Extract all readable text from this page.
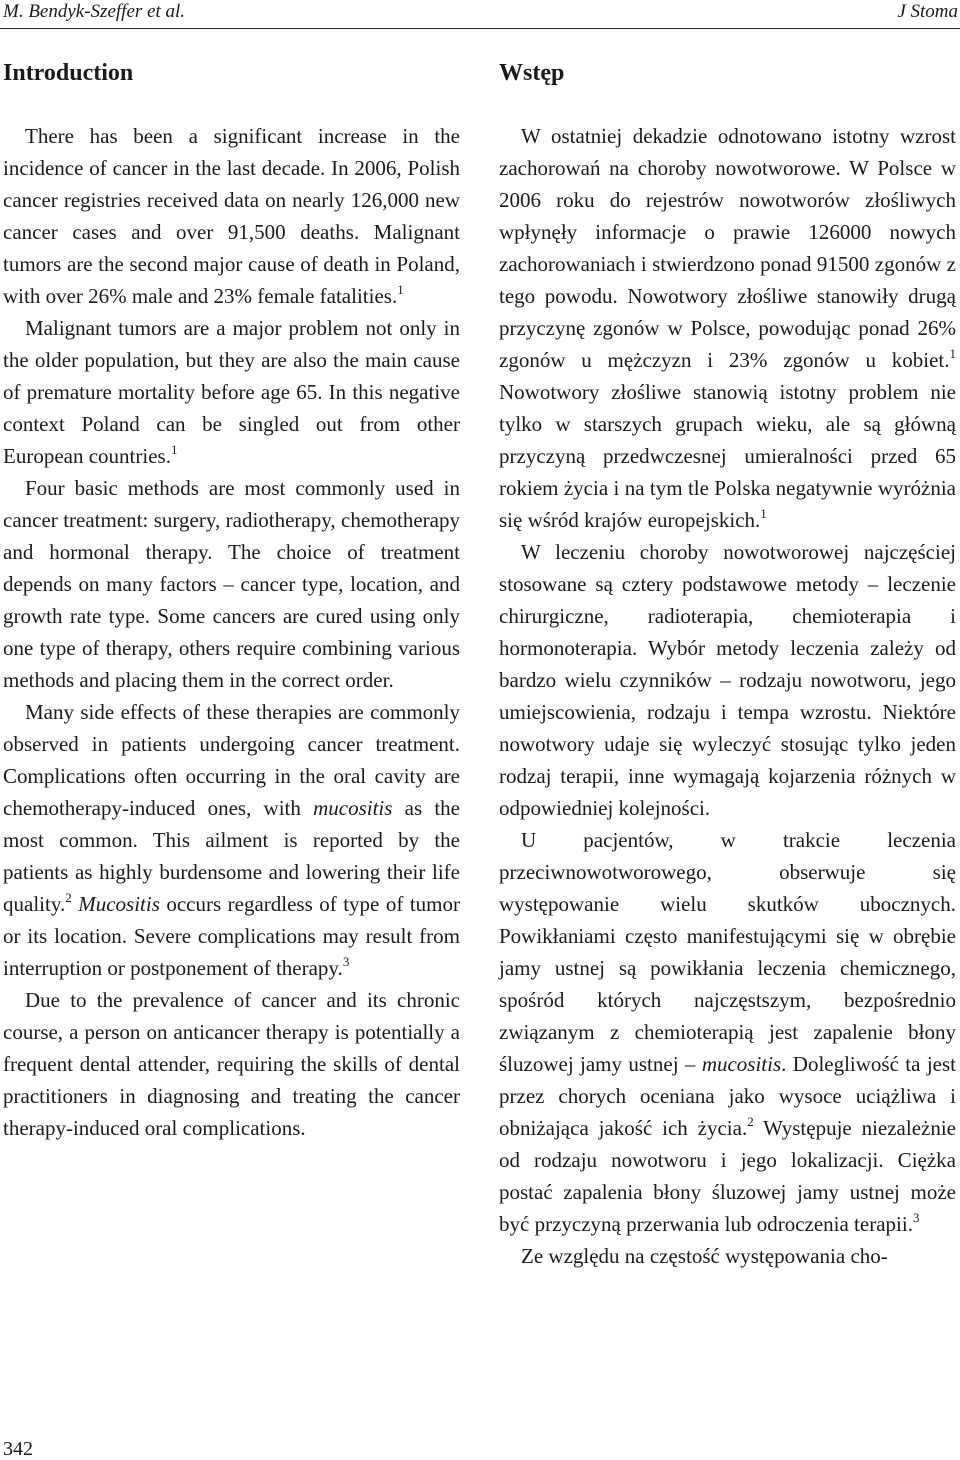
M. Bendyk-Szeffer et al.	J Stoma
Introduction

There has been a significant increase in the incidence of cancer in the last decade. In 2006, Polish cancer registries received data on nearly 126,000 new cancer cases and over 91,500 deaths. Malignant tumors are the second major cause of death in Poland, with over 26% male and 23% female fatalities.$^1$

Malignant tumors are a major problem not only in the older population, but they are also the main cause of premature mortality before age 65. In this negative context Poland can be singled out from other European countries.$^1$

Four basic methods are most commonly used in cancer treatment: surgery, radiotherapy, chemotherapy and hormonal therapy. The choice of treatment depends on many factors – cancer type, location, and growth rate type. Some cancers are cured using only one type of therapy, others require combining various methods and placing them in the correct order.

Many side effects of these therapies are commonly observed in patients undergoing cancer treatment. Complications often occurring in the oral cavity are chemotherapy-induced ones, with mucositis as the most common. This ailment is reported by the patients as highly burdensome and lowering their life quality.$^2$ Mucositis occurs regardless of type of tumor or its location. Severe complications may result from interruption or postponement of therapy.$^3$

Due to the prevalence of cancer and its chronic course, a person on anticancer therapy is potentially a frequent dental attender, requiring the skills of dental practitioners in diagnosing and treating the cancer therapy-induced oral complications.

Wstęp

W ostatniej dekadzie odnotowano istotny wzrost zachorowań na choroby nowotworowe. W Polsce w 2006 roku do rejestrów nowotworów złośliwych wpłynęły informacje o prawie 126000 nowych zachorowaniach i stwierdzono ponad 91500 zgonów z tego powodu. Nowotwory złośliwe stanowiły drugą przyczynę zgonów w Polsce, powodując ponad 26% zgonów u mężczyzn i 23% zgonów u kobiet.$^1$ Nowotwory złośliwe stanowią istotny problem nie tylko w starszych grupach wieku, ale są główną przyczyną przedwczesnej umieralności przed 65 rokiem życia i na tym tle Polska negatywnie wyróżnia się wśród krajów europejskich.$^1$

W leczeniu choroby nowotworowej najczęściej stosowane są cztery podstawowe metody – leczenie chirurgiczne, radioterapia, chemioterapia i hormonoterapia. Wybór metody leczenia zależy od bardzo wielu czynników – rodzaju nowotworu, jego umiejscowienia, rodzaju i tempa wzrostu. Niektóre nowotwory udaje się wyleczyć stosując tylko jeden rodzaj terapii, inne wymagają kojarzenia różnych w odpowiedniej kolejności.

U pacjentów, w trakcie leczenia przeciwnowotworowego, obserwuje się występowanie wielu skutków ubocznych. Powikłaniami często manifestującymi się w obrębie jamy ustnej są powikłania leczenia chemicznego, spośród których najczęstszym, bezpośrednio związanym z chemioterapią jest zapalenie błony śluzowej jamy ustnej – mucositis. Dolegliwość ta jest przez chorych oceniana jako wysoce uciążliwa i obniżająca jakość ich życia.$^2$ Występuje niezależnie od rodzaju nowotworu i jego lokalizacji. Ciężka postać zapalenia błony śluzowej jamy ustnej może być przyczyną przerwania lub odroczenia terapii.$^3$

Ze względu na częstość występowania cho-

342
